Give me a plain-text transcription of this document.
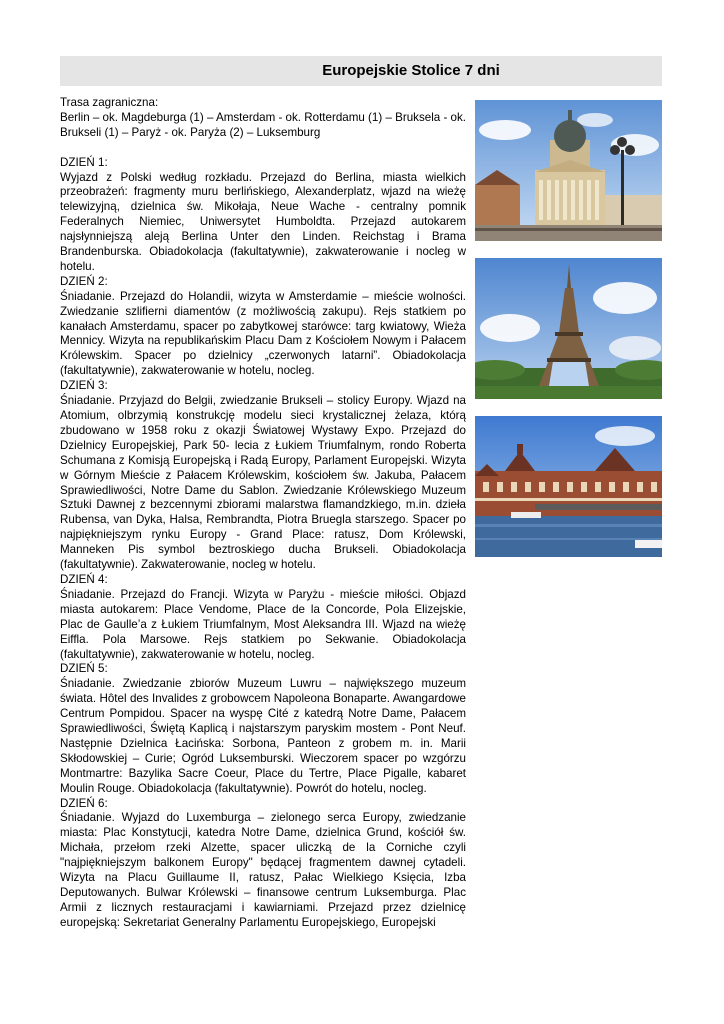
Europejskie Stolice 7 dni

Trasa zagraniczna:

Berlin – ok. Magdeburga (1) – Amsterdam - ok. Rotterdamu (1) – Bruksela - ok. Brukseli (1) – Paryż - ok. Paryża (2) – Luksemburg

DZIEŃ 1:

Wyjazd z Polski według rozkładu. Przejazd do Berlina, miasta wielkich przeobrażeń: fragmenty muru berlińskiego, Alexanderplatz, wjazd na wieżę telewizyjną, dzielnica św. Mikołaja, Neue Wache - centralny pomnik Federalnych Niemiec, Uniwersytet Humboldta. Przejazd autokarem najsłynniejszą aleją Berlina Unter den Linden. Reichstag i Brama Brandenburska. Obiadokolacja (fakultatywnie), zakwaterowanie i nocleg w hotelu.

DZIEŃ 2:

Śniadanie. Przejazd do Holandii, wizyta w Amsterdamie – mieście wolności. Zwiedzanie szlifierni diamentów (z możliwością zakupu). Rejs statkiem po kanałach Amsterdamu, spacer po zabytkowej starówce: targ kwiatowy, Wieża Mennicy. Wizyta na republikańskim Placu Dam z Kościołem Nowym i Pałacem Królewskim. Spacer po dzielnicy „czerwonych latarni”. Obiadokolacja (fakultatywnie), zakwaterowanie w hotelu, nocleg.

DZIEŃ 3:

Śniadanie. Przyjazd do Belgii, zwiedzanie Brukseli – stolicy Europy. Wjazd na Atomium, olbrzymią konstrukcję modelu sieci krystalicznej żelaza, którą zbudowano w 1958 roku z okazji Światowej Wystawy Expo. Przejazd do Dzielnicy Europejskiej, Park 50- lecia z Łukiem Triumfalnym, rondo Roberta Schumana z Komisją Europejską i Radą Europy, Parlament Europejski. Wizyta w Górnym Mieście z Pałacem Królewskim, kościołem św. Jakuba, Pałacem Sprawiedliwości, Notre Dame du Sablon. Zwiedzanie Królewskiego Muzeum Sztuki Dawnej z bezcennymi zbiorami malarstwa flamandzkiego, m.in. dzieła Rubensa, van Dyka, Halsa, Rembrandta, Piotra Bruegla starszego. Spacer po najpiękniejszym rynku Europy - Grand Place: ratusz, Dom Królewski, Manneken Pis symbol beztroskiego ducha Brukseli. Obiadokolacja (fakultatywnie). Zakwaterowanie, nocleg w hotelu.

DZIEŃ 4:

Śniadanie. Przejazd do Francji. Wizyta w Paryżu - mieście miłości. Objazd miasta autokarem: Place Vendome, Place de la Concorde, Pola Elizejskie, Plac de Gaulle’a z Łukiem Triumfalnym, Most Aleksandra III. Wjazd na wieżę Eiffla. Pola Marsowe. Rejs statkiem po Sekwanie. Obiadokolacja (fakultatywnie), zakwaterowanie w hotelu, nocleg.

DZIEŃ 5:

Śniadanie. Zwiedzanie zbiorów Muzeum Luwru – największego muzeum świata. Hôtel des Invalides z grobowcem Napoleona Bonaparte. Awangardowe Centrum Pompidou. Spacer na wyspę Cité z katedrą Notre Dame, Pałacem Sprawiedliwości, Świętą Kaplicą i najstarszym paryskim mostem - Pont Neuf. Następnie Dzielnica Łacińska: Sorbona, Panteon z grobem m. in. Marii Skłodowskiej – Curie; Ogród Luksemburski. Wieczorem spacer po wzgórzu Montmartre: Bazylika Sacre Coeur, Place du Tertre, Place Pigalle, kabaret Moulin Rouge. Obiadokolacja (fakultatywnie). Powrót do hotelu, nocleg.

DZIEŃ 6:

Śniadanie. Wyjazd do Luxemburga – zielonego serca Europy, zwiedzanie miasta: Plac Konstytucji, katedra Notre Dame, dzielnica Grund, kościół św. Michała, przełom rzeki Alzette, spacer uliczką de la Corniche czyli "najpiękniejszym balkonem Europy" będącej fragmentem dawnej cytadeli. Wizyta na Placu Guillaume II, ratusz, Pałac Wielkiego Księcia, Izba Deputowanych. Bulwar Królewski – finansowe centrum Luksemburga. Plac Armii z licznych restauracjami i kawiarniami. Przejazd przez dzielnicę europejską: Sekretariat Generalny Parlamentu Europejskiego, Europejski
